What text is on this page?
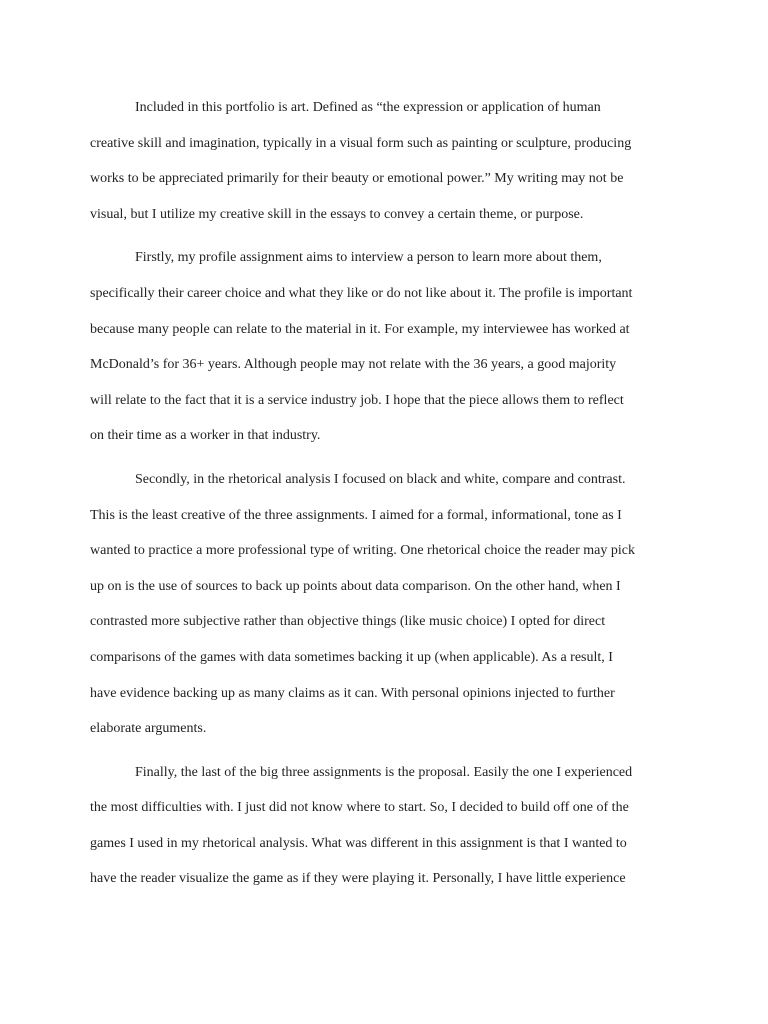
Included in this portfolio is art. Defined as “the expression or application of human
creative skill and imagination, typically in a visual form such as painting or sculpture, producing
works to be appreciated primarily for their beauty or emotional power.” My writing may not be
visual, but I utilize my creative skill in the essays to convey a certain theme, or purpose.
Firstly, my profile assignment aims to interview a person to learn more about them,
specifically their career choice and what they like or do not like about it. The profile is important
because many people can relate to the material in it. For example, my interviewee has worked at
McDonald’s for 36+ years. Although people may not relate with the 36 years, a good majority
will relate to the fact that it is a service industry job. I hope that the piece allows them to reflect
on their time as a worker in that industry.
Secondly, in the rhetorical analysis I focused on black and white, compare and contrast.
This is the least creative of the three assignments. I aimed for a formal, informational, tone as I
wanted to practice a more professional type of writing. One rhetorical choice the reader may pick
up on is the use of sources to back up points about data comparison. On the other hand, when I
contrasted more subjective rather than objective things (like music choice) I opted for direct
comparisons of the games with data sometimes backing it up (when applicable). As a result, I
have evidence backing up as many claims as it can. With personal opinions injected to further
elaborate arguments.
Finally, the last of the big three assignments is the proposal. Easily the one I experienced
the most difficulties with. I just did not know where to start. So, I decided to build off one of the
games I used in my rhetorical analysis. What was different in this assignment is that I wanted to
have the reader visualize the game as if they were playing it. Personally, I have little experience
